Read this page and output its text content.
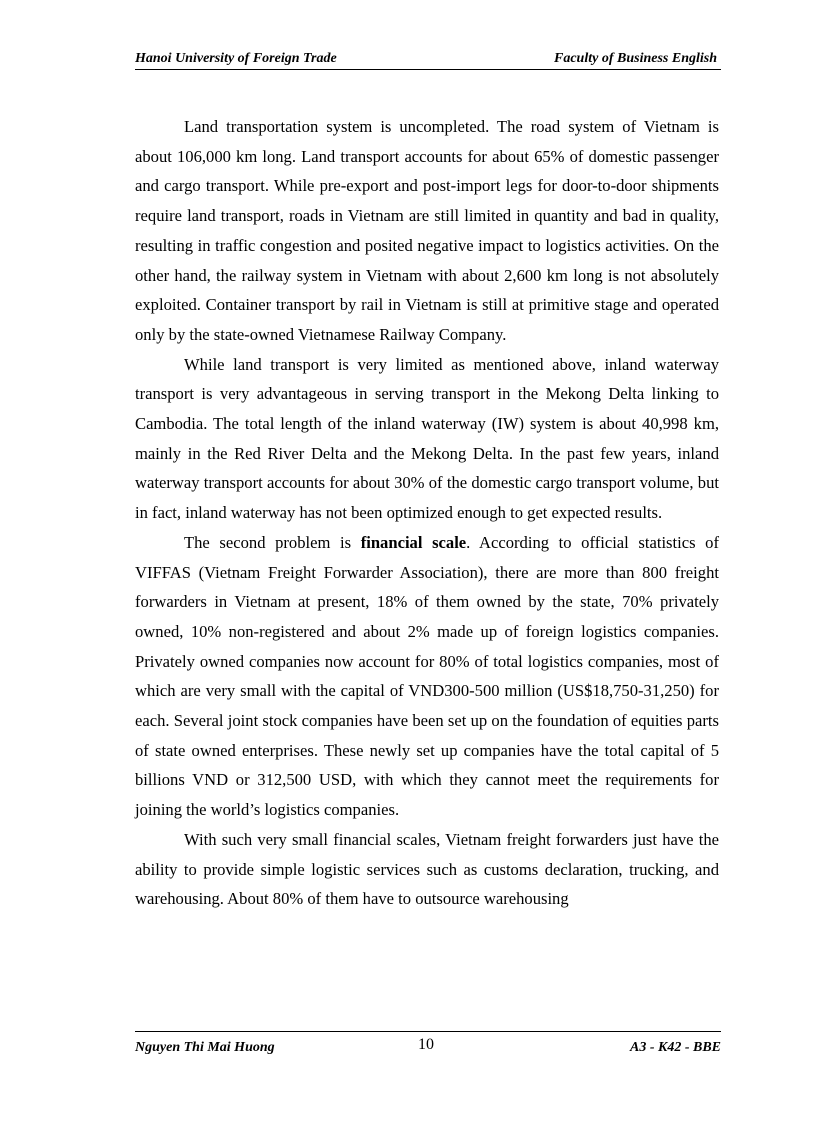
Hanoi University of Foreign Trade	Faculty of Business English

Land transportation system is uncompleted. The road system of Vietnam is about 106,000 km long. Land transport accounts for about 65% of domestic passenger and cargo transport. While pre-export and post-import legs for door-to-door shipments require land transport, roads in Vietnam are still limited in quantity and bad in quality, resulting in traffic congestion and posited negative impact to logistics activities. On the other hand, the railway system in Vietnam with about 2,600 km long is not absolutely exploited. Container transport by rail in Vietnam is still at primitive stage and operated only by the state-owned Vietnamese Railway Company.

While land transport is very limited as mentioned above, inland waterway transport is very advantageous in serving transport in the Mekong Delta linking to Cambodia. The total length of the inland waterway (IW) system is about 40,998 km, mainly in the Red River Delta and the Mekong Delta. In the past few years, inland waterway transport accounts for about 30% of the domestic cargo transport volume, but in fact, inland waterway has not been optimized enough to get expected results.

The second problem is financial scale. According to official statistics of VIFFAS (Vietnam Freight Forwarder Association), there are more than 800 freight forwarders in Vietnam at present, 18% of them owned by the state, 70% privately owned, 10% non-registered and about 2% made up of foreign logistics companies. Privately owned companies now account for 80% of total logistics companies, most of which are very small with the capital of VND300-500 million (US$18,750-31,250) for each. Several joint stock companies have been set up on the foundation of equities parts of state owned enterprises. These newly set up companies have the total capital of 5 billions VND or 312,500 USD, with which they cannot meet the requirements for joining the world’s logistics companies.

With such very small financial scales, Vietnam freight forwarders just have the ability to provide simple logistic services such as customs declaration, trucking, and warehousing. About 80% of them have to outsource warehousing

Nguyen Thi Mai Huong	10	A3 - K42 - BBE
